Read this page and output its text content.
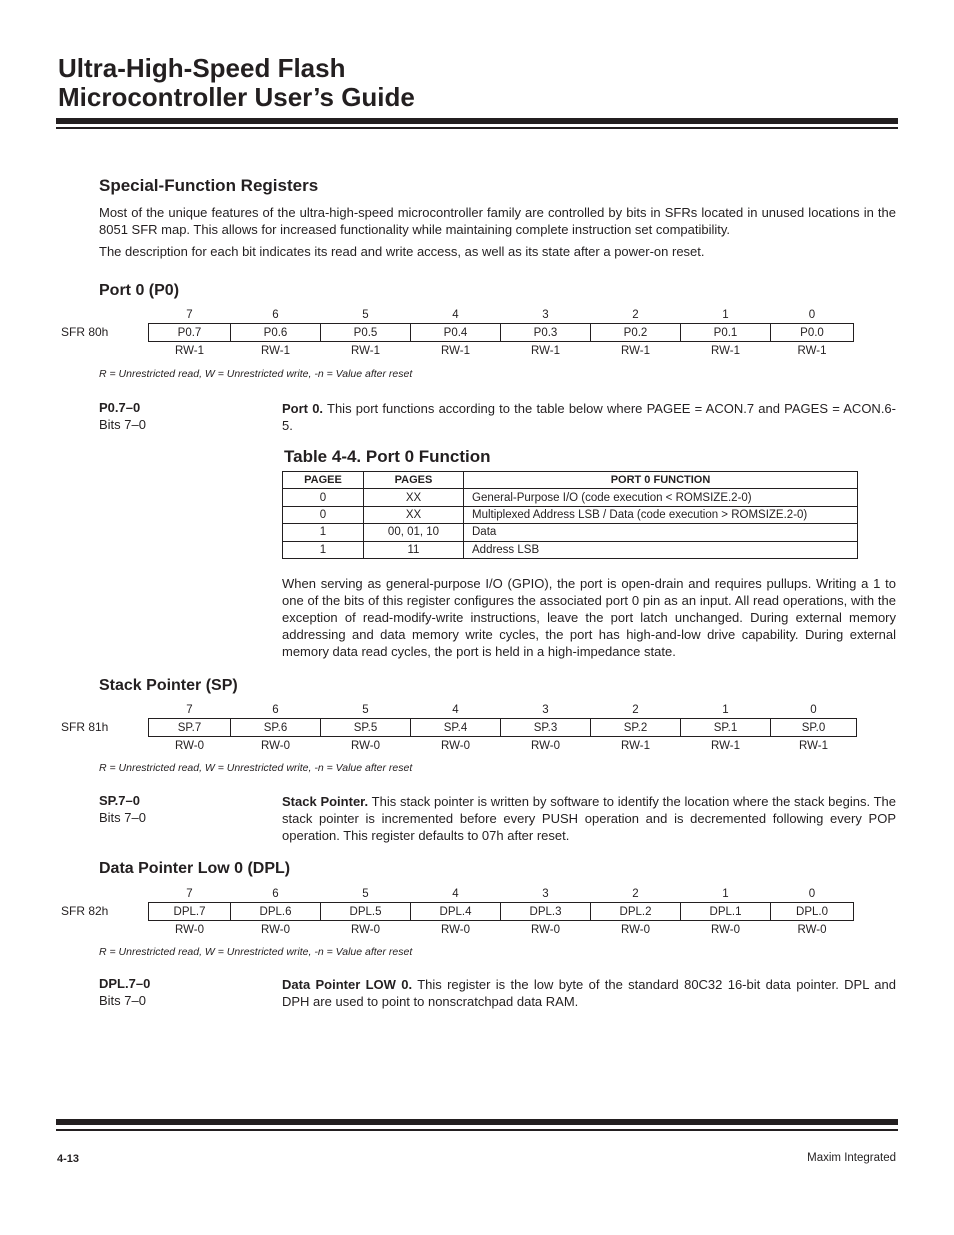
Ultra-High-Speed Flash
Microcontroller User’s Guide
Special-Function Registers
Most of the unique features of the ultra-high-speed microcontroller family are controlled by bits in SFRs located in unused locations in the 8051 SFR map. This allows for increased functionality while maintaining complete instruction set compatibility.
The description for each bit indicates its read and write access, as well as its state after a power-on reset.
Port 0 (P0)
SFR 80h
7	6	5	4	3	2	1	0
P0.7	P0.6	P0.5	P0.4	P0.3	P0.2	P0.1	P0.0
RW-1	RW-1	RW-1	RW-1	RW-1	RW-1	RW-1	RW-1
R = Unrestricted read, W = Unrestricted write, -n = Value after reset
P0.7–0
Bits 7–0
Port 0. This port functions according to the table below where PAGEE = ACON.7 and PAGES = ACON.6-5.
Table 4-4. Port 0 Function
PAGEE	PAGES	PORT 0 FUNCTION
0	XX	General-Purpose I/O (code execution < ROMSIZE.2-0)
0	XX	Multiplexed Address LSB / Data (code execution > ROMSIZE.2-0)
1	00, 01, 10	Data
1	11	Address LSB
When serving as general-purpose I/O (GPIO), the port is open-drain and requires pullups. Writing a 1 to one of the bits of this register configures the associated port 0 pin as an input. All read operations, with the exception of read-modify-write instructions, leave the port latch unchanged. During external memory addressing and data memory write cycles, the port has high-and-low drive capability. During external memory data read cycles, the port is held in a high-impedance state.
Stack Pointer (SP)
SFR 81h
7	6	5	4	3	2	1	0
SP.7	SP.6	SP.5	SP.4	SP.3	SP.2	SP.1	SP.0
RW-0	RW-0	RW-0	RW-0	RW-0	RW-1	RW-1	RW-1
R = Unrestricted read, W = Unrestricted write, -n = Value after reset
SP.7–0
Bits 7–0
Stack Pointer. This stack pointer is written by software to identify the location where the stack begins. The stack pointer is incremented before every PUSH operation and is decremented following every POP operation. This register defaults to 07h after reset.
Data Pointer Low 0 (DPL)
SFR 82h
7	6	5	4	3	2	1	0
DPL.7	DPL.6	DPL.5	DPL.4	DPL.3	DPL.2	DPL.1	DPL.0
RW-0	RW-0	RW-0	RW-0	RW-0	RW-0	RW-0	RW-0
R = Unrestricted read, W = Unrestricted write, -n = Value after reset
DPL.7–0
Bits 7–0
Data Pointer LOW 0. This register is the low byte of the standard 80C32 16-bit data pointer. DPL and DPH are used to point to nonscratchpad data RAM.
4-13	Maxim Integrated
